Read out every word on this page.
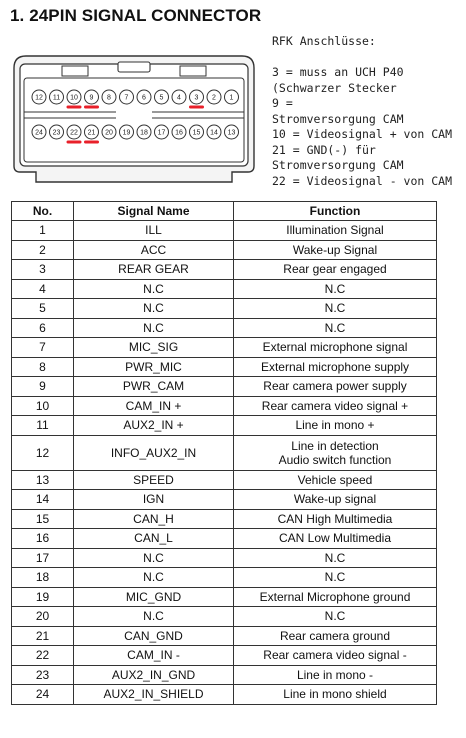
1. 24PIN SIGNAL CONNECTOR
12 11 10 9 8 7 6 5 4 3 2 1
24 23 22 21 20 19 18 17 16 15 14 13
RFK Anschlüsse:

3 = muss an UCH P40
(Schwarzer Stecker
9 =
Stromversorgung CAM
10 = Videosignal + von CAM
21 = GND(-) für
Stromversorgung CAM
22 = Videosignal - von CAM
No.	Signal Name	Function
1	ILL	Illumination Signal

2	ACC	Wake-up Signal

3	REAR GEAR	Rear gear engaged

4	N.C	N.C

5	N.C	N.C

6	N.C	N.C

7	MIC_SIG	External microphone signal

8	PWR_MIC	External microphone supply

9	PWR_CAM	Rear camera power supply

10	CAM_IN +	Rear camera video signal +

11	AUX2_IN +	Line in mono +

12	INFO_AUX2_IN	Line in detection
Audio switch function

13	SPEED	Vehicle speed

14	IGN	Wake-up signal

15	CAN_H	CAN High Multimedia

16	CAN_L	CAN Low Multimedia

17	N.C	N.C

18	N.C	N.C

19	MIC_GND	External Microphone ground

20	N.C	N.C

21	CAN_GND	Rear camera ground

22	CAM_IN -	Rear camera video signal -

23	AUX2_IN_GND	Line in mono -

24	AUX2_IN_SHIELD	Line in mono shield
